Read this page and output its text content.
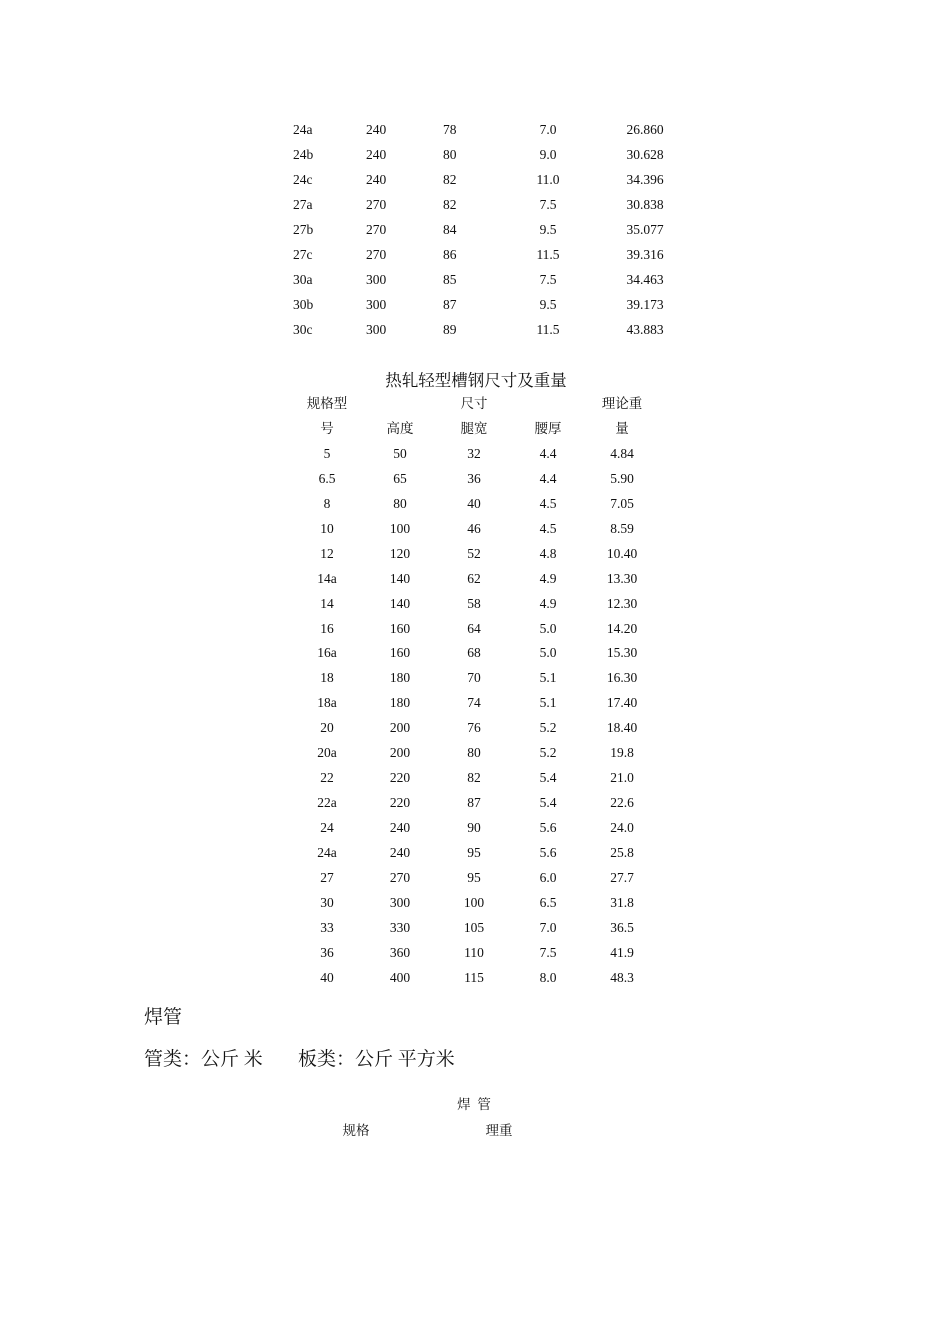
24a	240	78	7.0	26.860
24b	240	80	9.0	30.628
24c	240	82	11.0	34.396
27a	270	82	7.5	30.838
27b	270	84	9.5	35.077
27c	270	86	11.5	39.316
30a	300	85	7.5	34.463
30b	300	87	9.5	39.173
30c	300	89	11.5	43.883
热轧轻型槽钢尺寸及重量
规格型	尺寸	理论重
号	高度	腿宽	腰厚	量
5	50	32	4.4	4.84
6.5	65	36	4.4	5.90
8	80	40	4.5	7.05
10	100	46	4.5	8.59
12	120	52	4.8	10.40
14a	140	62	4.9	13.30
14	140	58	4.9	12.30
16	160	64	5.0	14.20
16a	160	68	5.0	15.30
18	180	70	5.1	16.30
18a	180	74	5.1	17.40
20	200	76	5.2	18.40
20a	200	80	5.2	19.8
22	220	82	5.4	21.0
22a	220	87	5.4	22.6
24	240	90	5.6	24.0
24a	240	95	5.6	25.8
27	270	95	6.0	27.7
30	300	100	6.5	31.8
33	330	105	7.0	36.5
36	360	110	7.5	41.9
40	400	115	8.0	48.3
焊管
管类：公斤 米 板类：公斤 平方米
焊  管
规格	理重
